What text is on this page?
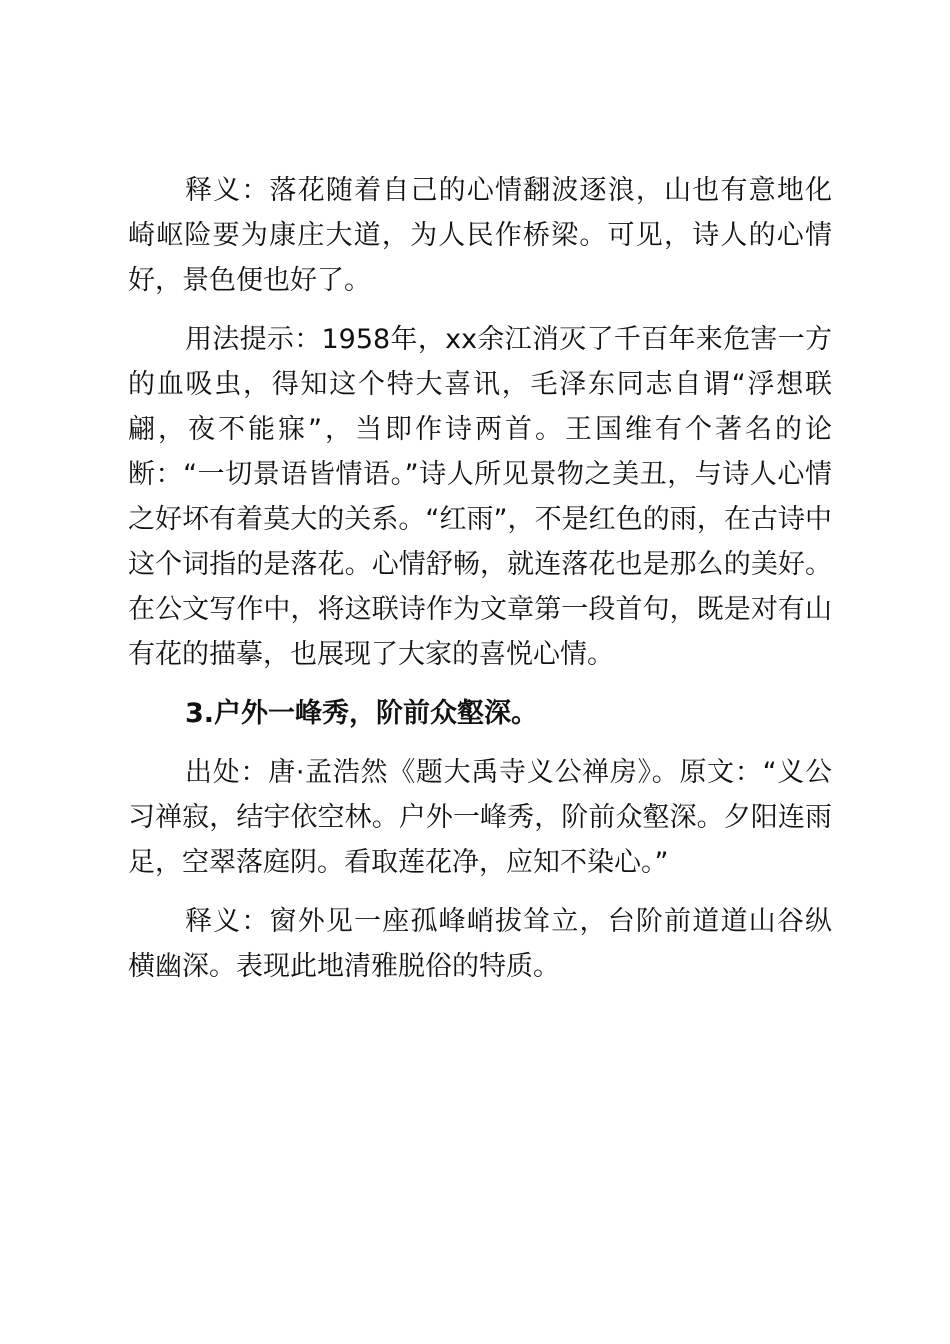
释义：落花随着自己的心情翻波逐浪，山也有意地化崎岖险要为康庄大道，为人民作桥梁。可见，诗人的心情好，景色便也好了。

用法提示：1958年，xx余江消灭了千百年来危害一方的血吸虫，得知这个特大喜讯，毛泽东同志自谓“浮想联翩，夜不能寐”，当即作诗两首。王国维有个著名的论断：“一切景语皆情语。”诗人所见景物之美丑，与诗人心情之好坏有着莫大的关系。“红雨”，不是红色的雨，在古诗中这个词指的是落花。心情舒畅，就连落花也是那么的美好。在公文写作中，将这联诗作为文章第一段首句，既是对有山有花的描摹，也展现了大家的喜悦心情。

3.户外一峰秀，阶前众壑深。

出处：唐·孟浩然《题大禹寺义公禅房》。原文：“义公习禅寂，结宇依空林。户外一峰秀，阶前众壑深。夕阳连雨足，空翠落庭阴。看取莲花净，应知不染心。”

释义：窗外见一座孤峰峭拔耸立，台阶前道道山谷纵横幽深。表现此地清雅脱俗的特质。
